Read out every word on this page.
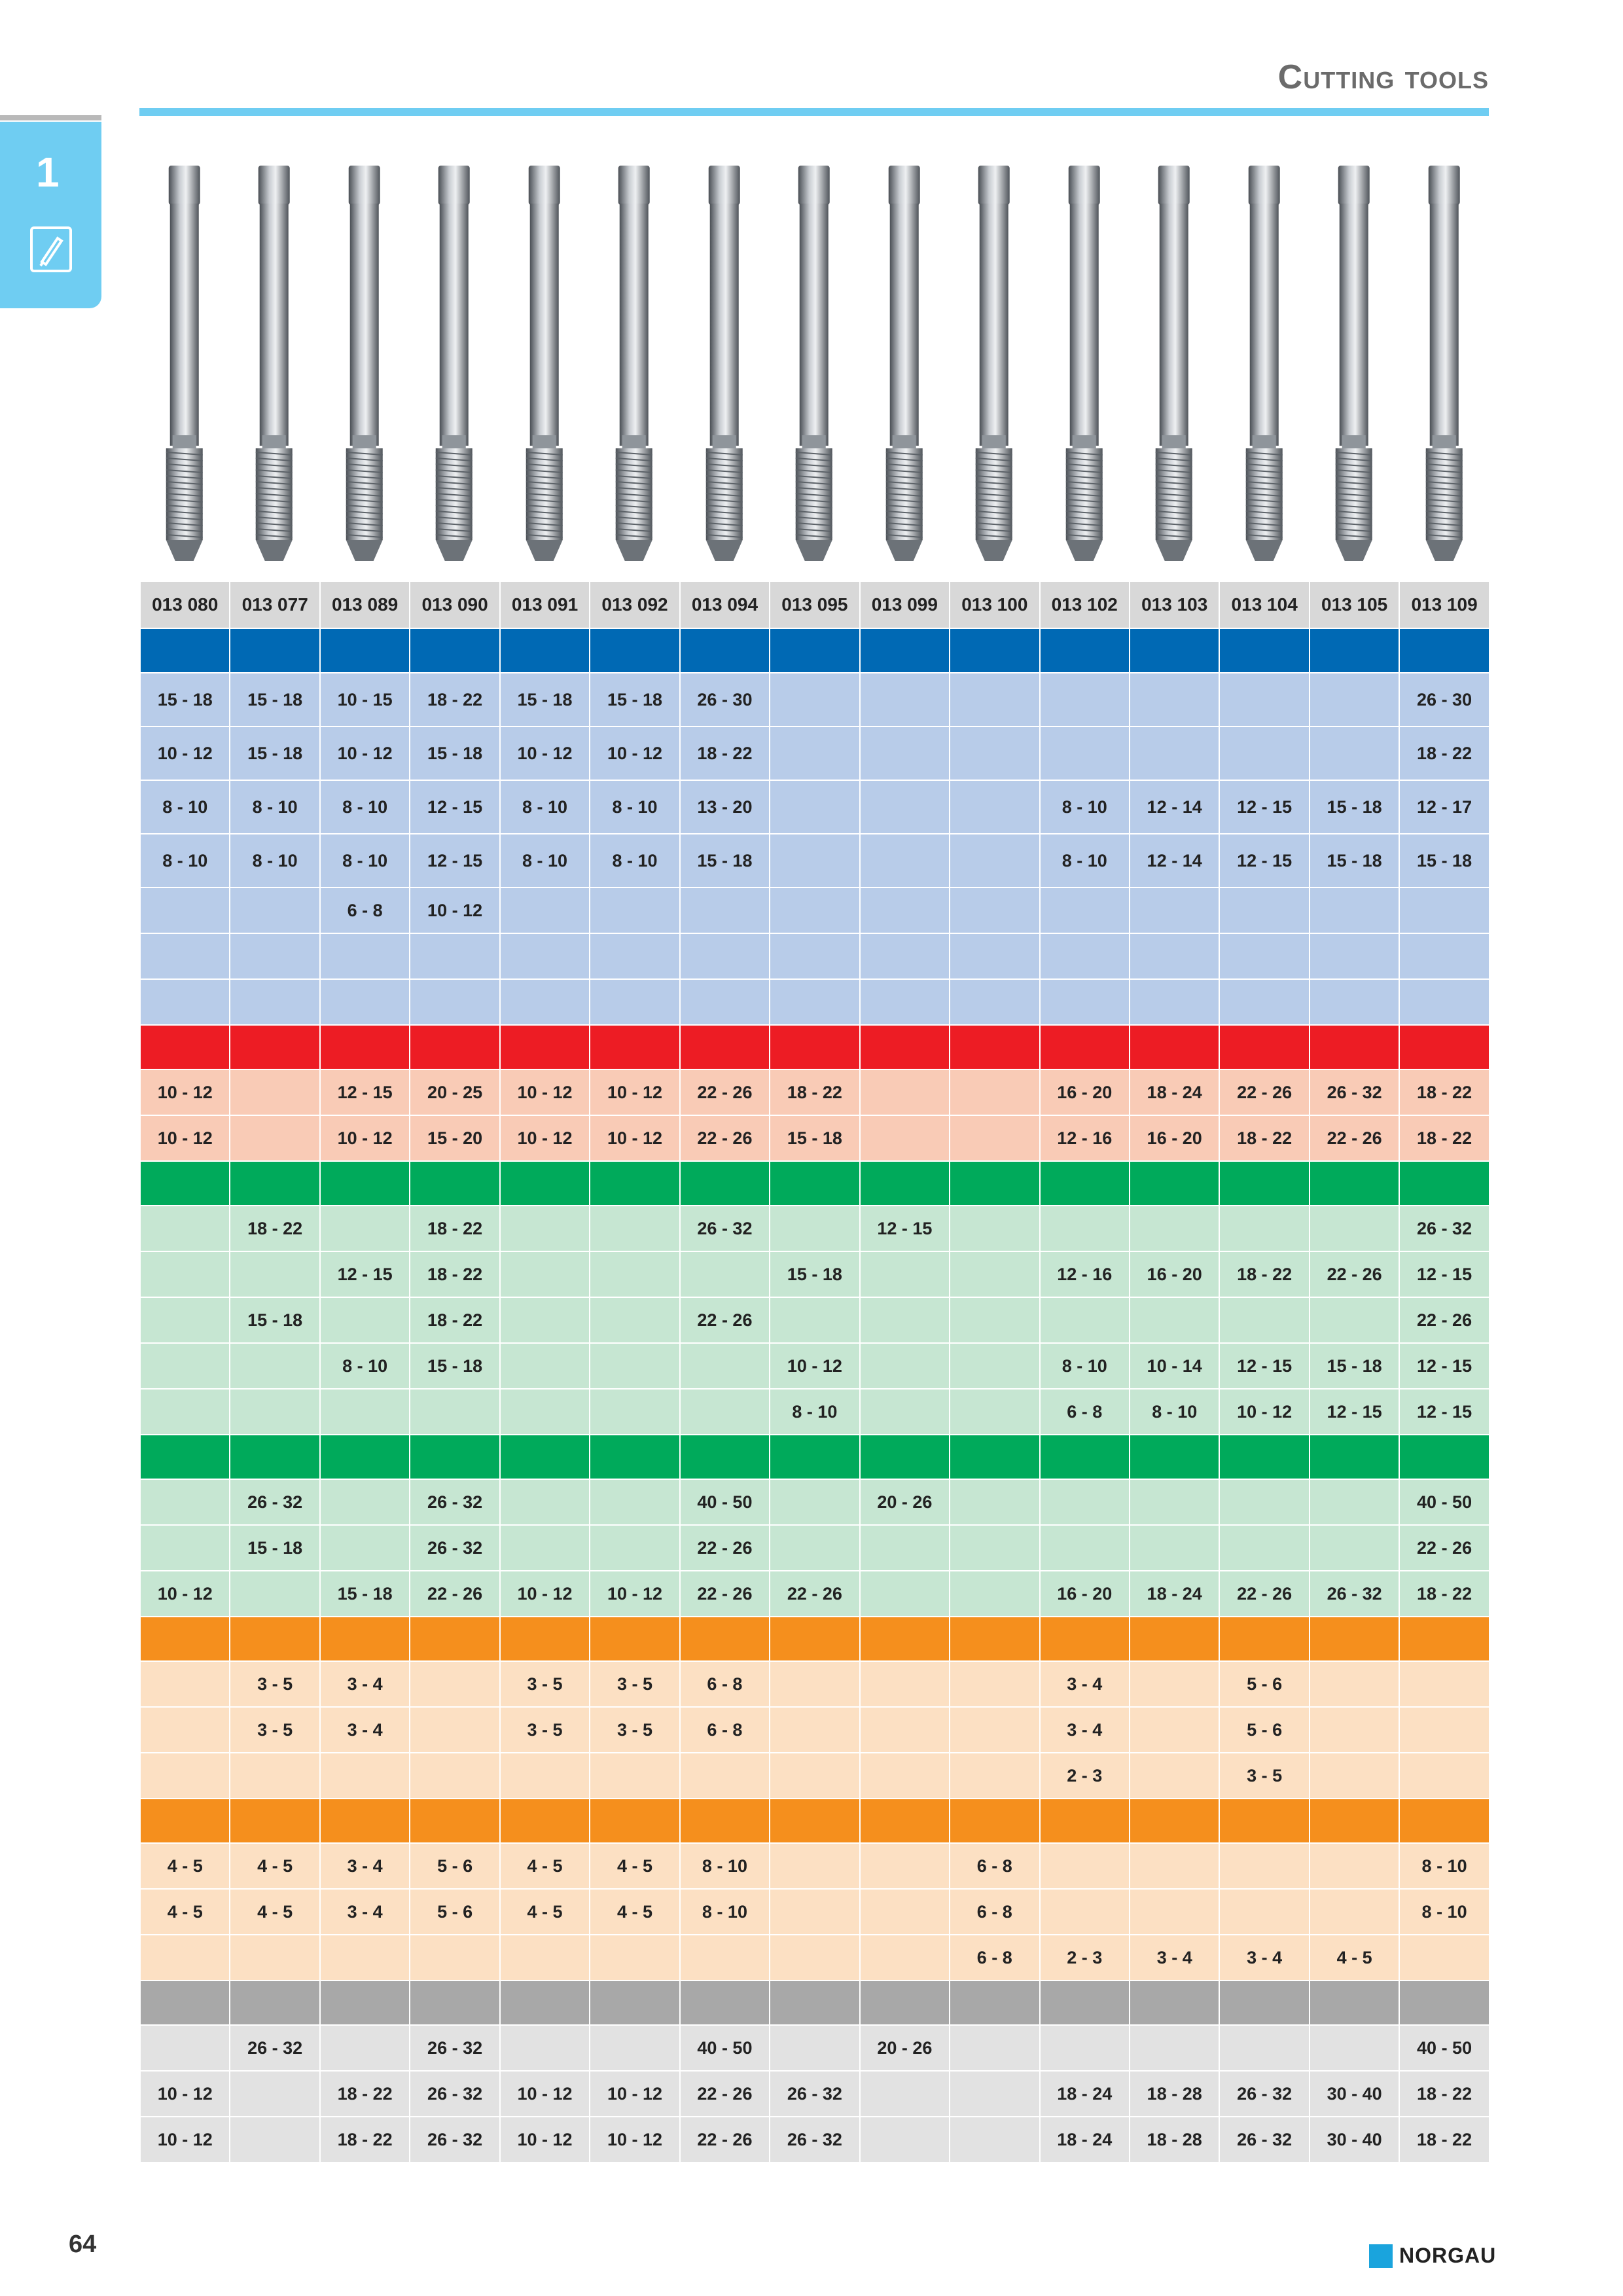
Cutting tools
1
013 080	013 077	013 089	013 090	013 091	013 092	013 094	013 095	013 099	013 100	013 102	013 103	013 104	013 105	013 109

15 - 18	15 - 18	10 - 15	18 - 22	15 - 18	15 - 18	26 - 30								26 - 30
10 - 12	15 - 18	10 - 12	15 - 18	10 - 12	10 - 12	18 - 22								18 - 22
8 - 10	8 - 10	8 - 10	12 - 15	8 - 10	8 - 10	13 - 20				8 - 10	12 - 14	12 - 15	15 - 18	12 - 17
8 - 10	8 - 10	8 - 10	12 - 15	8 - 10	8 - 10	15 - 18				8 - 10	12 - 14	12 - 15	15 - 18	15 - 18
		6 - 8	10 - 12											

10 - 12		12 - 15	20 - 25	10 - 12	10 - 12	22 - 26	18 - 22			16 - 20	18 - 24	22 - 26	26 - 32	18 - 22
10 - 12		10 - 12	15 - 20	10 - 12	10 - 12	22 - 26	15 - 18			12 - 16	16 - 20	18 - 22	22 - 26	18 - 22

	18 - 22		18 - 22			26 - 32		12 - 15						26 - 32
		12 - 15	18 - 22				15 - 18			12 - 16	16 - 20	18 - 22	22 - 26	12 - 15
	15 - 18		18 - 22			22 - 26								22 - 26
		8 - 10	15 - 18				10 - 12			8 - 10	10 - 14	12 - 15	15 - 18	12 - 15
							8 - 10			6 - 8	8 - 10	10 - 12	12 - 15	12 - 15

	26 - 32		26 - 32			40 - 50		20 - 26						40 - 50
	15 - 18		26 - 32			22 - 26								22 - 26
10 - 12		15 - 18	22 - 26	10 - 12	10 - 12	22 - 26	22 - 26			16 - 20	18 - 24	22 - 26	26 - 32	18 - 22

	3 - 5	3 - 4		3 - 5	3 - 5	6 - 8				3 - 4		5 - 6		
	3 - 5	3 - 4		3 - 5	3 - 5	6 - 8				3 - 4		5 - 6		
										2 - 3		3 - 5		

4 - 5	4 - 5	3 - 4	5 - 6	4 - 5	4 - 5	8 - 10			6 - 8					8 - 10
4 - 5	4 - 5	3 - 4	5 - 6	4 - 5	4 - 5	8 - 10			6 - 8					8 - 10
									6 - 8	2 - 3	3 - 4	3 - 4	4 - 5	

	26 - 32		26 - 32			40 - 50		20 - 26						40 - 50
10 - 12		18 - 22	26 - 32	10 - 12	10 - 12	22 - 26	26 - 32			18 - 24	18 - 28	26 - 32	30 - 40	18 - 22
10 - 12		18 - 22	26 - 32	10 - 12	10 - 12	22 - 26	26 - 32			18 - 24	18 - 28	26 - 32	30 - 40	18 - 22
64	NORGAU
